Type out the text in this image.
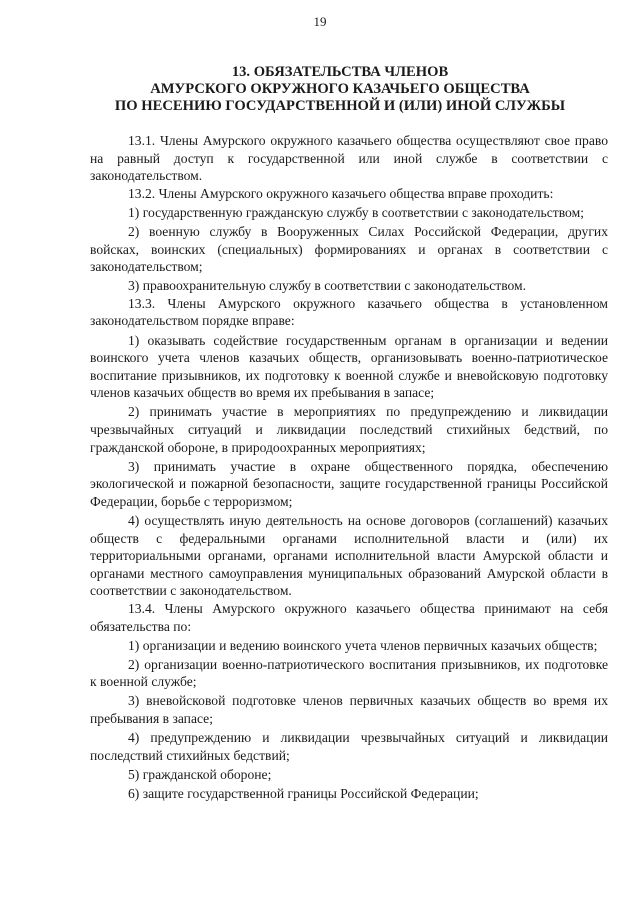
19
13. ОБЯЗАТЕЛЬСТВА ЧЛЕНОВ
АМУРСКОГО ОКРУЖНОГО КАЗАЧЬЕГО ОБЩЕСТВА
ПО НЕСЕНИЮ ГОСУДАРСТВЕННОЙ И (ИЛИ) ИНОЙ СЛУЖБЫ

13.1. Члены Амурского окружного казачьего общества осуществляют свое право на равный доступ к государственной или иной службе в соответствии с законодательством.

13.2. Члены Амурского окружного казачьего общества вправе проходить:

1) государственную гражданскую службу в соответствии с законодательством;

2) военную службу в Вооруженных Силах Российской Федерации, других войсках, воинских (специальных) формированиях и органах в соответствии с законодательством;

3) правоохранительную службу в соответствии с законодательством.

13.3. Члены Амурского окружного казачьего общества в установленном законодательством порядке вправе:

1) оказывать содействие государственным органам в организации и ведении воинского учета членов казачьих обществ, организовывать военно-патриотическое воспитание призывников, их подготовку к военной службе и вневойсковую подготовку членов казачьих обществ во время их пребывания в запасе;

2) принимать участие в мероприятиях по предупреждению и ликвидации чрезвычайных ситуаций и ликвидации последствий стихийных бедствий, по гражданской обороне, в природоохранных мероприятиях;

3) принимать участие в охране общественного порядка, обеспечению экологической и пожарной безопасности, защите государственной границы Российской Федерации, борьбе с терроризмом;

4) осуществлять иную деятельность на основе договоров (соглашений) казачьих обществ с федеральными органами исполнительной власти и (или) их территориальными органами, органами исполнительной власти Амурской области и органами местного самоуправления муниципальных образований Амурской области в соответствии с законодательством.

13.4. Члены Амурского окружного казачьего общества принимают на себя обязательства по:

1) организации и ведению воинского учета членов первичных казачьих обществ;

2) организации военно-патриотического воспитания призывников, их подготовке к военной службе;

3) вневойсковой подготовке членов первичных казачьих обществ во время их пребывания в запасе;

4) предупреждению и ликвидации чрезвычайных ситуаций и ликвидации последствий стихийных бедствий;

5) гражданской обороне;

6) защите государственной границы Российской Федерации;
